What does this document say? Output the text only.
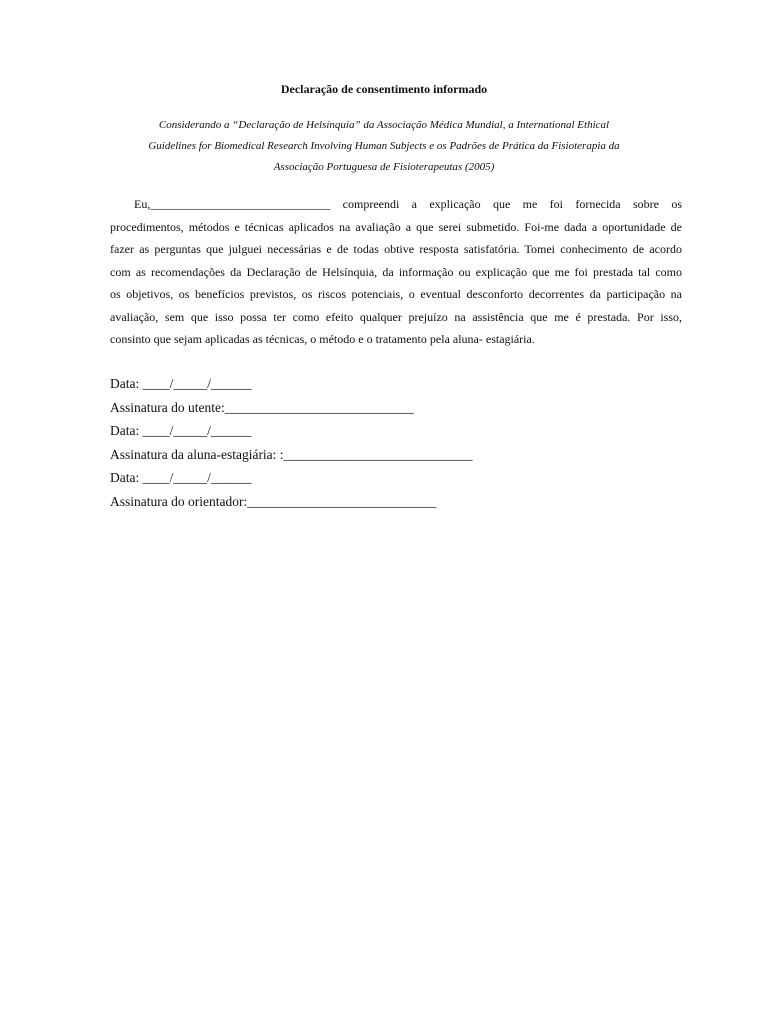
Declaração de consentimento informado
Considerando a “Declaração de Helsínquia” da Associação Médica Mundial, a International Ethical
Guidelines for Biomedical Research Involving Human Subjects e os Padrões de Prática da Fisioterapia da
Associação Portuguesa de Fisioterapeutas (2005)
Eu,______________________________ compreendi a explicação que me foi fornecida sobre os
procedimentos, métodos e técnicas aplicados na avaliação a que serei submetido. Foi-me dada a oportunidade de
fazer as perguntas que julguei necessárias e de todas obtive resposta satisfatória. Tomei conhecimento de acordo
com as recomendações da Declaração de Helsínquia, da informação ou explicação que me foi prestada tal como
os objetivos, os benefícios previstos, os riscos potenciais, o eventual desconforto decorrentes da participação na
avaliação, sem que isso possa ter como efeito qualquer prejuízo na assistência que me é prestada. Por isso,
consinto que sejam aplicadas as técnicas, o método e o tratamento pela aluna- estagiária.
Data: ____/_____/______
Assinatura do utente:____________________________
Data: ____/_____/______
Assinatura da aluna-estagiária: :____________________________
Data: ____/_____/______
Assinatura do orientador:____________________________
